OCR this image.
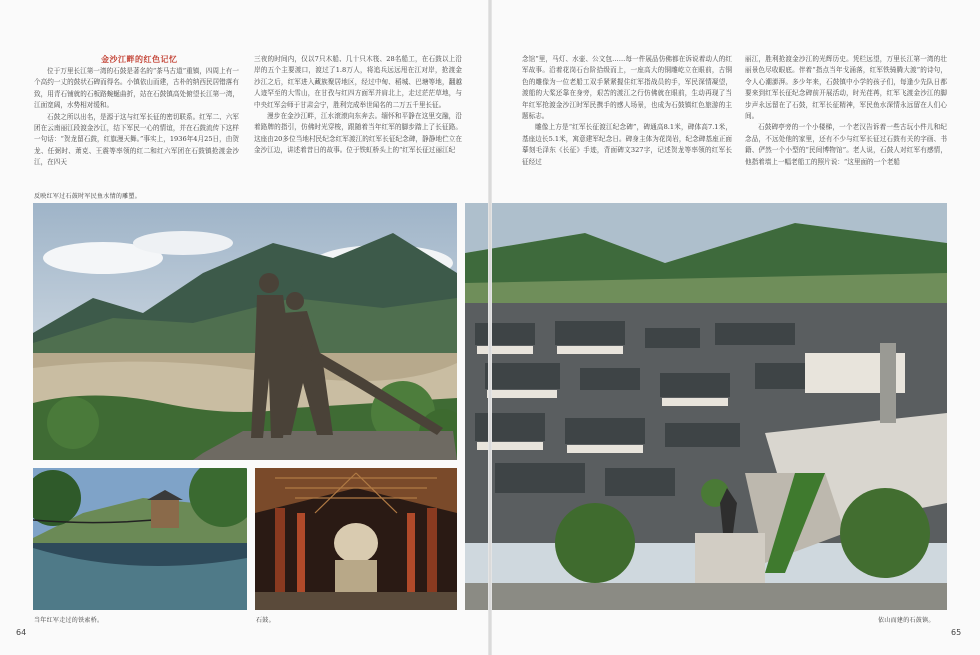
金沙江畔的红色记忆

位于万里长江第一湾的石鼓是著名的“茶马古道”重镇，四周上有一个高约一丈的鼓状石碑而得名。小镇依山而建，古朴的纳西民居错落有致，用青石铺就的石板路蜿蜒曲折，站在石鼓镇高处俯望长江第一湾，江面宽阔，水势相对缓和。

石鼓之所以出名，是源于这与红军长征的密切联系。红军二、六军团在云南丽江段渡金沙江，结下军民一心的情谊，并在石鼓流传下这样一句话：“贺龙留石鼓，红旗漫天舞。”事实上，1936年4月25日，由贺龙、任弼时、萧克、王震等率领的红二和红六军团在石鼓镇抢渡金沙江，在四天

三夜的时间内，仅以7只木船、几十只木筏、28名船工，在石鼓以上沿岸的五个主要渡口，渡过了1.8万人，将追兵远远甩在江对岸，抢渡金沙江之后，红军进入藏族聚居地区，经过中甸、稻城、巴塘等地，翻越人迹罕至的大雪山，在甘孜与红四方面军并肩北上，走过茫茫草地，与中央红军会师于甘肃会宁，胜利完成举世闻名的二万五千里长征。

漫步在金沙江畔，江水滚滚向东奔去。缅怀和平静在这里交融，沿着路牌的指引，仿佛时光穿梭，跟随着当年红军的脚步踏上了长征路。这座由20多位当地村民纪念红军渡江的红军长征纪念碑，静静地伫立在金沙江边，讲述着昔日的故事。位于铁虹桥头上的“红军长征过丽江纪

念馆”里，马灯、水壶、公文包……每一件展品仿佛都在诉说着动人的红军故事。沿着花岗石台阶拾级而上，一座高大的铜雕屹立在眼前，古铜色的雕像为一位老船工双手紧紧握住红军指战员的手，军民深情凝望，渡船的大桨还靠在身旁，艰苦的渡江之行仿佛就在眼前，生动再现了当年红军抢渡金沙江时军民携手的感人场景，也成为石鼓镇红色旅游的主题标志。

雕像上方是“红军长征渡江纪念碑”，碑通高8.1米，碑体高7.1米，基座边长5.1米，寓意建军纪念日。碑身主体为花岗岩，纪念碑基座正面摹刻毛泽东《长征》手迹，背面碑文327字，记述贺龙等率领的红军长征经过

丽江，胜利抢渡金沙江的光辉历史。凭栏远望，万里长江第一湾的壮丽景色尽收眼底。伴着“指点当年戈涌落，红军铁骑腾大渡”的诗句，令人心潮澎湃。多少年来，石鼓镇中小学的孩子们，每逢少先队日都要来到红军长征纪念碑前开展活动，时光荏苒，红军飞渡金沙江的脚步声永远留在了石鼓，红军长征精神，军民鱼水深情永远留在人们心间。

石鼓碑亭旁的一个小楼梯，一个老汉告诉着一些古玩小件儿和纪念品，不远处他的家里，还有不少与红军长征过石鼓有关的字画、书籍、俨然一个小型的“民间博物馆”。老人说，石鼓人对红军有感情，他指着墙上一幅老船工的照片说：“这里面的一个老船

反映红军过石鼓时军民鱼水情的雕塑。
当年红军走过的铁索桥。	石鼓。	依山而建的石鼓镇。
64	65
